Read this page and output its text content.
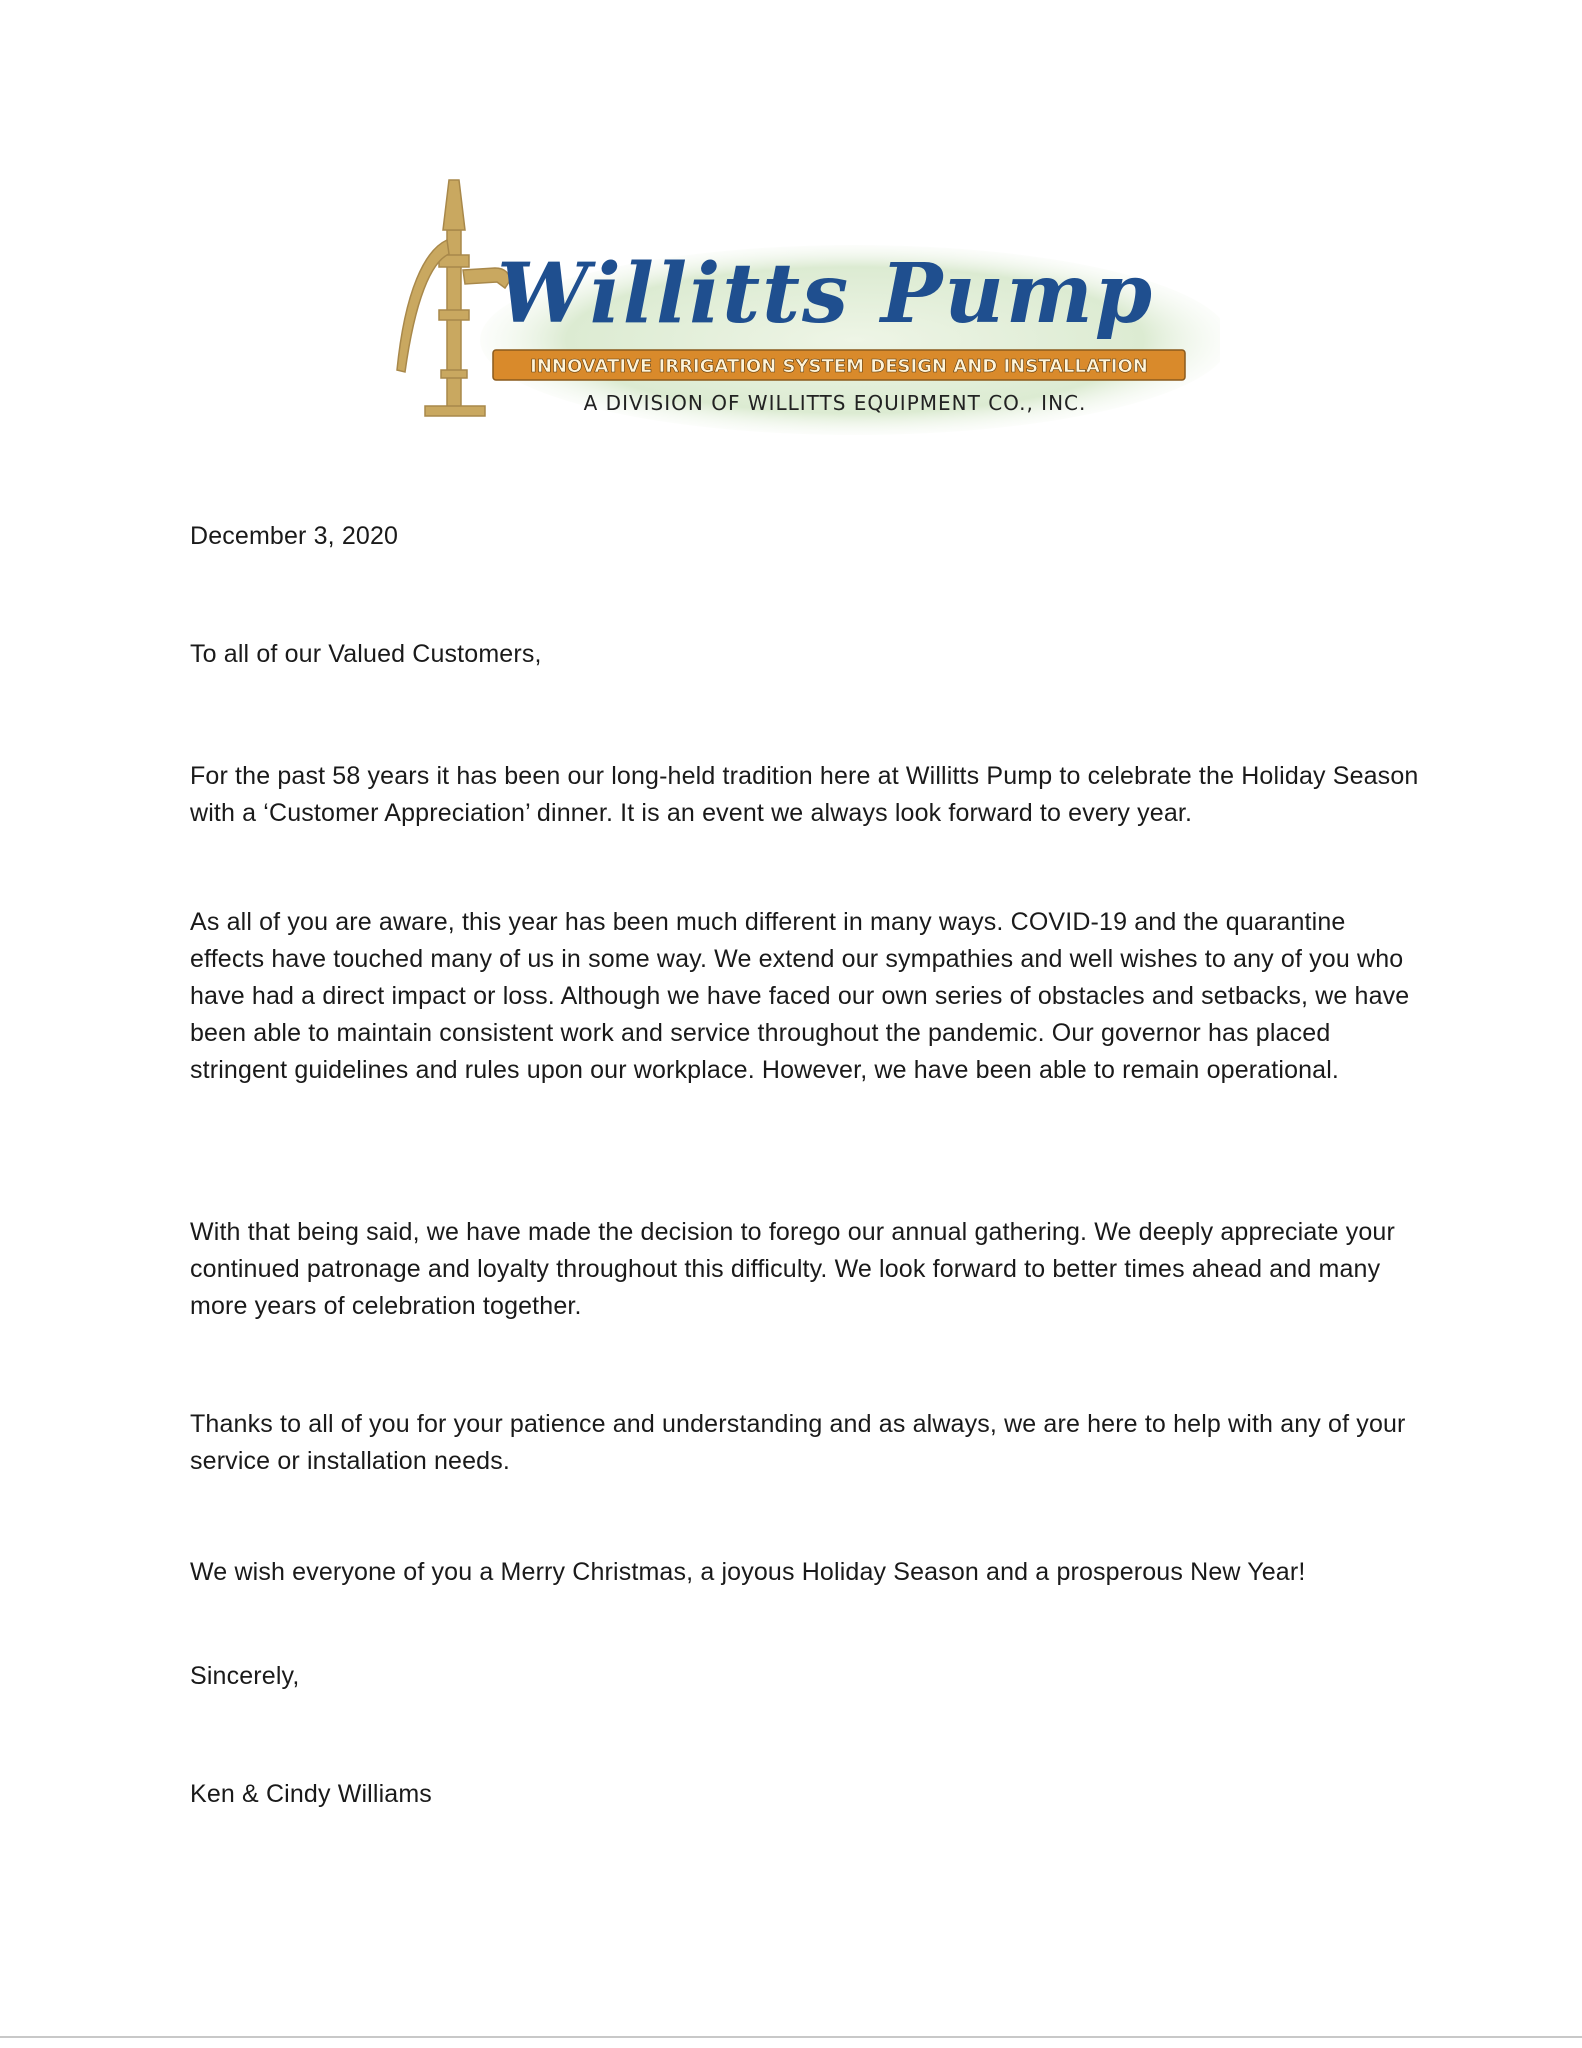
Willitts Pump
INNOVATIVE IRRIGATION SYSTEM DESIGN AND INSTALLATION
A DIVISION OF WILLITTS EQUIPMENT CO., INC.

December 3, 2020

To all of our Valued Customers,

For the past 58 years it has been our long-held tradition here at Willitts Pump to celebrate the Holiday Season with a ‘Customer Appreciation’ dinner. It is an event we always look forward to every year.

As all of you are aware, this year has been much different in many ways. COVID-19 and the quarantine effects have touched many of us in some way. We extend our sympathies and well wishes to any of you who have had a direct impact or loss. Although we have faced our own series of obstacles and setbacks, we have been able to maintain consistent work and service throughout the pandemic. Our governor has placed stringent guidelines and rules upon our workplace. However, we have been able to remain operational.

With that being said, we have made the decision to forego our annual gathering. We deeply appreciate your continued patronage and loyalty throughout this difficulty. We look forward to better times ahead and many more years of celebration together.

Thanks to all of you for your patience and understanding and as always, we are here to help with any of your service or installation needs.

We wish everyone of you a Merry Christmas, a joyous Holiday Season and a prosperous New Year!

Sincerely,

Ken & Cindy Williams
